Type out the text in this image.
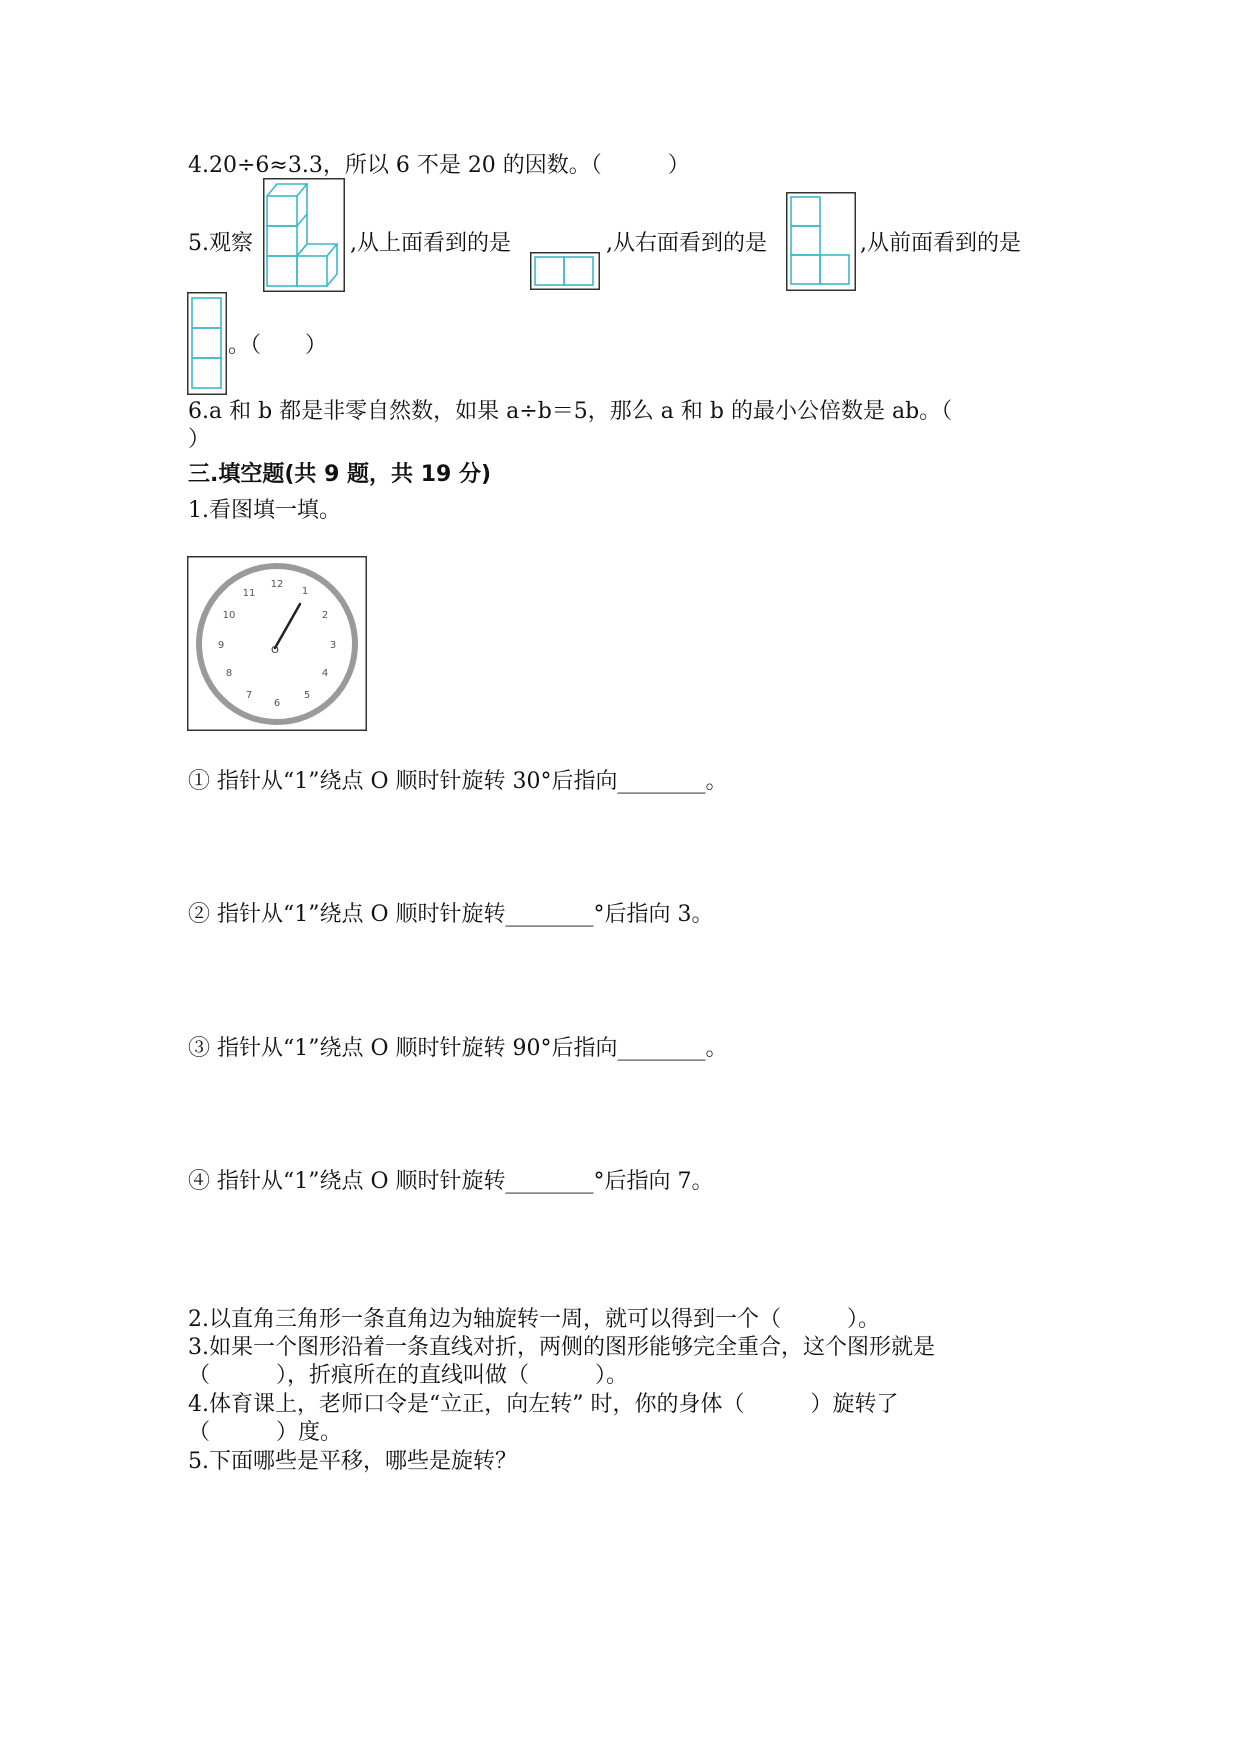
4.20÷6≈3.3，所以 6 不是 20 的因数。（　　　）
5.观察	,从上面看到的是	,从右面看到的是	,从前面看到的是
。（　　）
6.a 和 b 都是非零自然数，如果 a÷b＝5，那么 a 和 b 的最小公倍数是 ab。（
）
三.填空题(共 9 题，共 19 分)
1.看图填一填。
12
1
2
3
4
5
6
7
8
9
10
11
O
① 指针从“1”绕点 O 顺时针旋转 30°后指向________。
② 指针从“1”绕点 O 顺时针旋转________°后指向 3。
③ 指针从“1”绕点 O 顺时针旋转 90°后指向________。
④ 指针从“1”绕点 O 顺时针旋转________°后指向 7。
2.以直角三角形一条直角边为轴旋转一周，就可以得到一个（　　　）。
3.如果一个图形沿着一条直线对折，两侧的图形能够完全重合，这个图形就是
（　　　），折痕所在的直线叫做（　　　）。
4.体育课上，老师口令是“立正，向左转” 时，你的身体（　　　）旋转了
（　　　）度。
5.下面哪些是平移，哪些是旋转？
